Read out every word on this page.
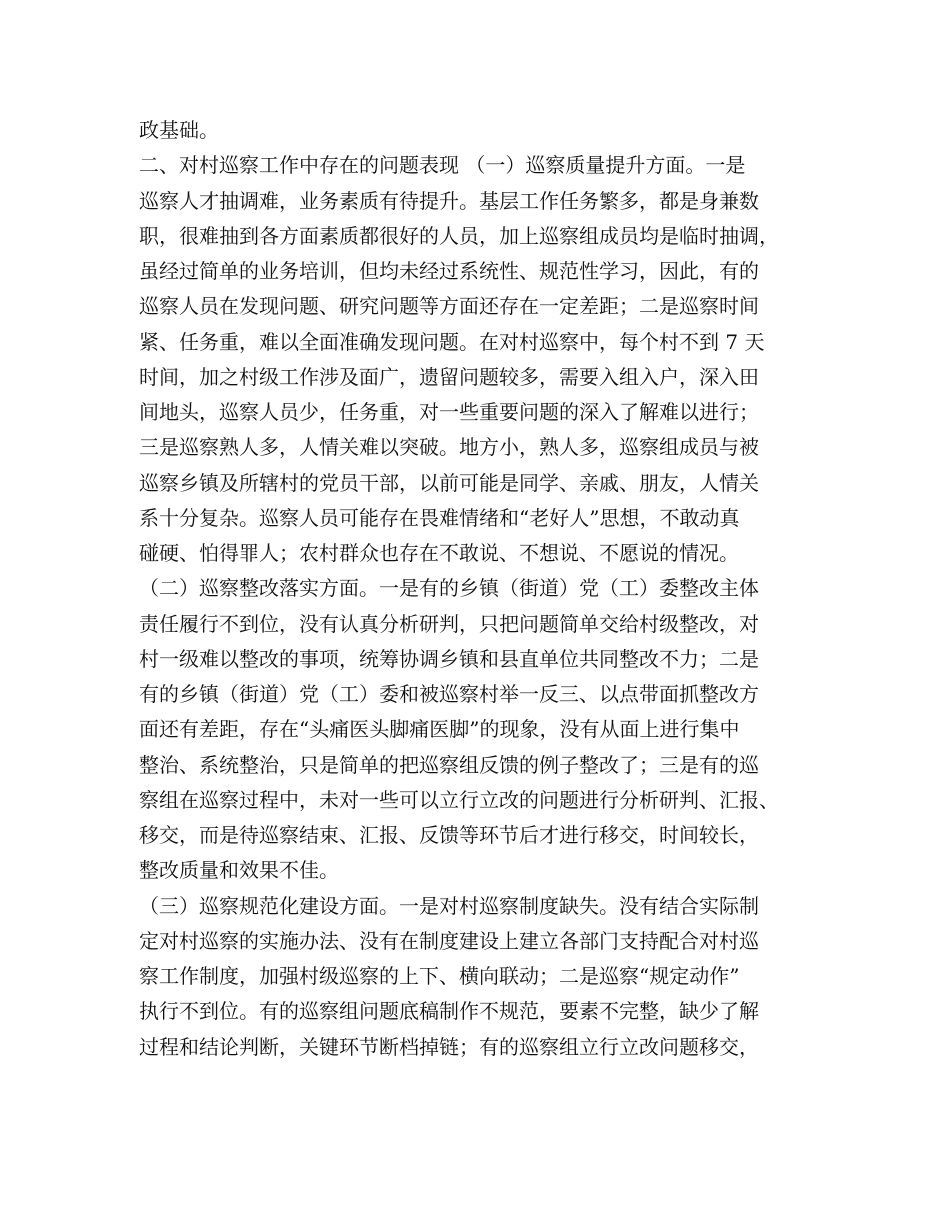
政基础。
二、对村巡察工作中存在的问题表现 （一）巡察质量提升方面。一是
巡察人才抽调难，业务素质有待提升。基层工作任务繁多，都是身兼数
职，很难抽到各方面素质都很好的人员，加上巡察组成员均是临时抽调，
虽经过简单的业务培训，但均未经过系统性、规范性学习，因此，有的
巡察人员在发现问题、研究问题等方面还存在一定差距；二是巡察时间
紧、任务重，难以全面准确发现问题。在对村巡察中，每个村不到 7 天
时间，加之村级工作涉及面广，遗留问题较多，需要入组入户，深入田
间地头，巡察人员少，任务重，对一些重要问题的深入了解难以进行；
三是巡察熟人多，人情关难以突破。地方小，熟人多，巡察组成员与被
巡察乡镇及所辖村的党员干部，以前可能是同学、亲戚、朋友，人情关
系十分复杂。巡察人员可能存在畏难情绪和“老好人”思想，不敢动真
碰硬、怕得罪人；农村群众也存在不敢说、不想说、不愿说的情况。
（二）巡察整改落实方面。一是有的乡镇（街道）党（工）委整改主体
责任履行不到位，没有认真分析研判，只把问题简单交给村级整改，对
村一级难以整改的事项，统筹协调乡镇和县直单位共同整改不力；二是
有的乡镇（街道）党（工）委和被巡察村举一反三、以点带面抓整改方
面还有差距，存在“头痛医头脚痛医脚”的现象，没有从面上进行集中
整治、系统整治，只是简单的把巡察组反馈的例子整改了；三是有的巡
察组在巡察过程中，未对一些可以立行立改的问题进行分析研判、汇报、
移交，而是待巡察结束、汇报、反馈等环节后才进行移交，时间较长，
整改质量和效果不佳。
（三）巡察规范化建设方面。一是对村巡察制度缺失。没有结合实际制
定对村巡察的实施办法、没有在制度建设上建立各部门支持配合对村巡
察工作制度，加强村级巡察的上下、横向联动；二是巡察“规定动作”
执行不到位。有的巡察组问题底稿制作不规范，要素不完整，缺少了解
过程和结论判断，关键环节断档掉链；有的巡察组立行立改问题移交，
